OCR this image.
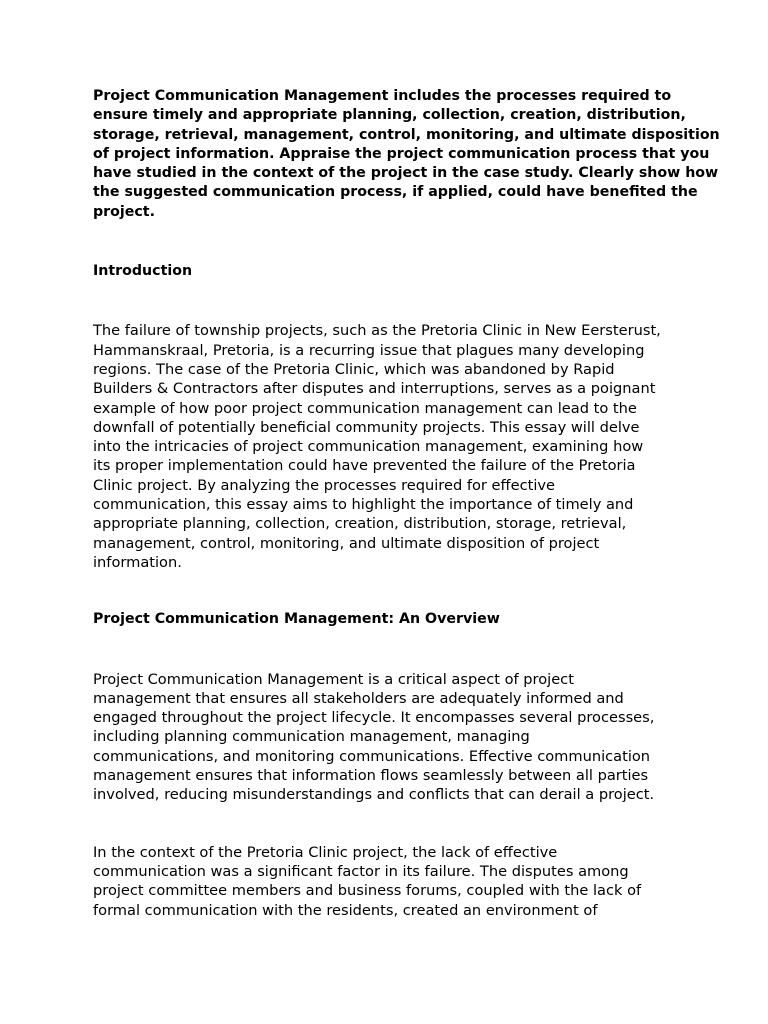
Project Communication Management includes the processes required to
ensure timely and appropriate planning, collection, creation, distribution,
storage, retrieval, management, control, monitoring, and ultimate disposition
of project information. Appraise the project communication process that you
have studied in the context of the project in the case study. Clearly show how
the suggested communication process, if applied, could have benefited the
project.
Introduction
The failure of township projects, such as the Pretoria Clinic in New Eersterust,
Hammanskraal, Pretoria, is a recurring issue that plagues many developing
regions. The case of the Pretoria Clinic, which was abandoned by Rapid
Builders & Contractors after disputes and interruptions, serves as a poignant
example of how poor project communication management can lead to the
downfall of potentially beneficial community projects. This essay will delve
into the intricacies of project communication management, examining how
its proper implementation could have prevented the failure of the Pretoria
Clinic project. By analyzing the processes required for effective
communication, this essay aims to highlight the importance of timely and
appropriate planning, collection, creation, distribution, storage, retrieval,
management, control, monitoring, and ultimate disposition of project
information.
Project Communication Management: An Overview
Project Communication Management is a critical aspect of project
management that ensures all stakeholders are adequately informed and
engaged throughout the project lifecycle. It encompasses several processes,
including planning communication management, managing
communications, and monitoring communications. Effective communication
management ensures that information flows seamlessly between all parties
involved, reducing misunderstandings and conflicts that can derail a project.
In the context of the Pretoria Clinic project, the lack of effective
communication was a significant factor in its failure. The disputes among
project committee members and business forums, coupled with the lack of
formal communication with the residents, created an environment of
